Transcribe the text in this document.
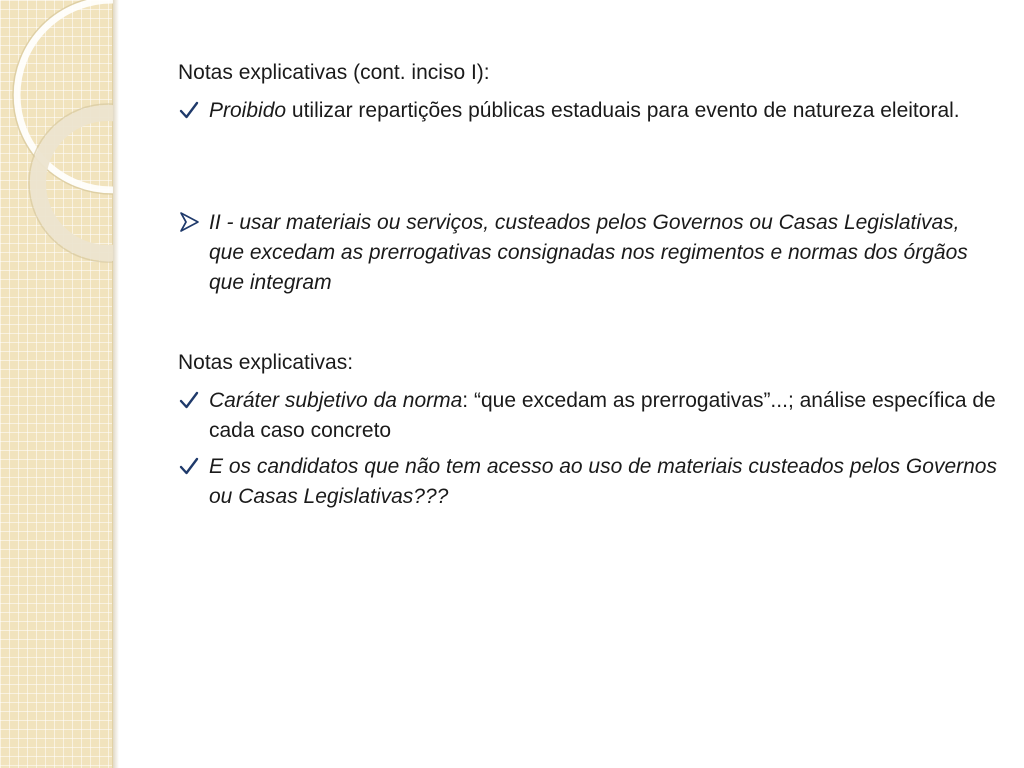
Notas explicativas (cont. inciso I):

Proibido utilizar repartições públicas estaduais para evento de natureza eleitoral.
II - usar materiais ou serviços, custeados pelos Governos ou Casas Legislativas, que excedam as prerrogativas consignadas nos regimentos e normas dos órgãos que integram

Notas explicativas:

Caráter subjetivo da norma: “que excedam as prerrogativas”...; análise específica de cada caso concreto
E os candidatos que não tem acesso ao uso de materiais custeados pelos Governos ou Casas Legislativas???
